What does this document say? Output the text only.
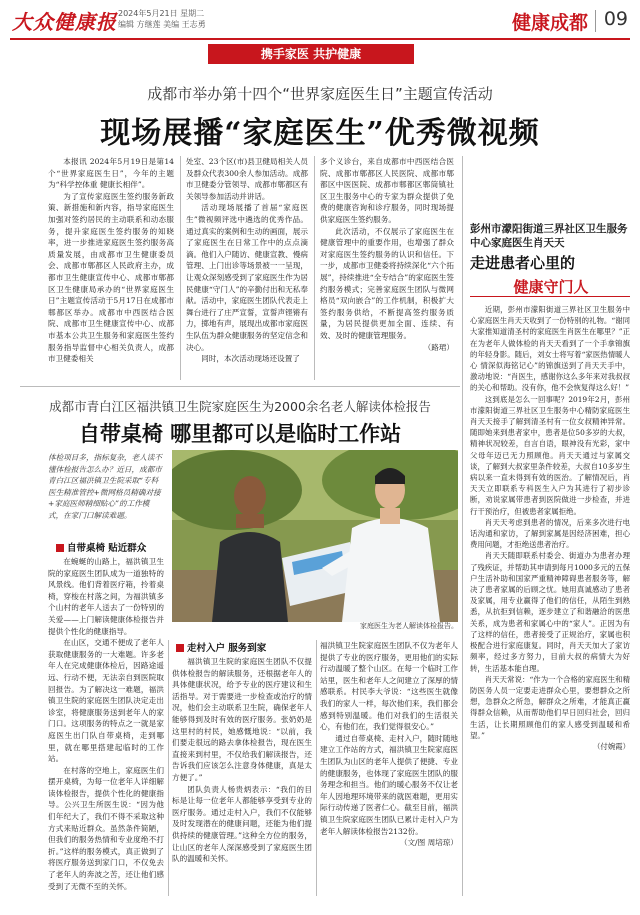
大众健康报 2024年5月21日 星期二
编辑 方继莲 美编 王志勇	健康成都 09
携手家医 共护健康
成都市举办第十四个“世界家庭医生日”主题宣传活动
现场展播“家庭医生”优秀微视频

本报讯 2024年5月19日是第14个“世界家庭医生日”，今年的主题为“科学控体重 健康长相伴”。

为了宣传家庭医生签约服务新政策、新措施和新内容，指导家庭医生加强对签约居民的主动联系和动态服务，提升家庭医生签约服务的知晓率，进一步推进家庭医生签约服务高质量发展，由成都市卫生健康委员会、成都市郫都区人民政府主办，成都市卫生健康宣传中心、成都市郫都区卫生健康局承办的“世界家庭医生日”主题宣传活动于5月17日在成都市郫都区举办。成都市中西医结合医院、成都市卫生健康宣传中心、成都市基本公共卫生服务和家庭医生签约服务指导监督中心相关负责人，成都市卫健委相关

处室、23个区(市)县卫健局相关人员及群众代表300余人参加活动。成都市卫健委分管领导、成都市郫都区有关领导参加活动并讲话。

活动现场展播了首届“家庭医生”微视频评选中遴选的优秀作品。通过真实的案例和生动的画面，展示了家庭医生在日常工作中的点点滴滴。他们入户随访、健康宣教、慢病管理、上门出诊等场景被一一呈现，让观众深刻感受到了家庭医生作为居民健康“守门人”的辛勤付出和无私奉献。活动中，家庭医生团队代表走上舞台进行了庄严宣誓，宣誓声铿锵有力，掷地有声，展现出成都市家庭医生队伍为群众健康服务的坚定信念和决心。

同时，本次活动现场还设置了

多个义诊台，来自成都市中西医结合医院、成都市郫都区人民医院、成都市郫都区中医医院、成都市郫都区郫筒镇社区卫生服务中心的专家为群众提供了免费的健康咨询和诊疗服务，同时现场提供家庭医生签约服务。

此次活动，不仅展示了家庭医生在健康管理中的重要作用，也增强了群众对家庭医生签约服务的认识和信任。下一步，成都市卫健委将持续深化“六个拓展”，持续推进“全专结合”的家庭医生签约服务模式；完善家庭医生团队与微网格员“双向嵌合”的工作机制，积极扩大签约服务供给，不断提高签约服务质量，为居民提供更加全面、连续、有效、及时的健康管理服务。

（路珺）
彭州市濛阳街道三界社区卫生服务中心家庭医生肖天天
走进患者心里的
健康守门人

近期，彭州市濛阳街道三界社区卫生服务中心家庭医生肖天天收到了一份特别的礼物。“谢同大家推知道清圣村的家庭医生肖医生在哪里？”正在为老年人做体检的肖天天看到了一个手拿锦旗的年轻身影。随后，刘女士将写着“家医热情暖人心 情深似海铭记心”的锦旗送到了肖天天手中，激动地说：“肖医生，感谢你这么多年来对我叔叔的关心和帮助。没有你，他不会恢复得这么好！”

这到底是怎么一回事呢？2019年2月，彭州市濛阳街道三界社区卫生服务中心精防家庭医生肖天天接手了解到清圣村有一位女叔精神异常。随即她来到患者家中，患者是位50多岁的大叔，精神状况较差，自言自语，眼神没有光彩，家中父母年迈已无力照顾他。肖天天通过与家属交谈，了解到大叔家里条件较差，大叔自10多岁生病以来一直未得到有效的医治。了解情况后，肖天天立即联系专科医生入户为其进行了初步诊断，劝说家属带患者到医院做进一步检查，并进行干预治疗，但被患者家属拒绝。

肖天天考虑到患者的情况，后来多次进行电话沟通和家访，了解到家属是因经济困难，担心费用问题，才拒绝送患者治疗。

肖天天随即联系村委会、街道办为患者办理了残疾证，并帮助其申请到每月1000多元的五保户生活补助和国家严重精神障碍患者服务等，解决了患者家属的后顾之忧。她用真诚感动了患者及家属，用专业赢得了他们的信任，从陌生到熟悉，从抗拒到信赖，逐步建立了和谐融洽的医患关系，成为患者和家属心中的“家人”。正因为有了这样的信任，患者接受了正规治疗，家属也积极配合进行家庭康复。同时，肖天天加大了家访频率，经过多方努力，目前大叔的病情大为好转，生活基本能自理。

肖天天常说：“作为一个合格的家庭医生和精防医务人员一定要走进群众心里，要想群众之所想，急群众之所急，解群众之所难，才能真正赢得群众信赖，从而帮助他们早日回归社会，回归生活，让长期照顾他们的家人感受到温暖和希望。”

（付婉霞）
成都市青白江区福洪镇卫生院家庭医生为2000余名老人解读体检报告
自带桌椅 哪里都可以是临时工作站
体检项目多，指标复杂，老人读不懂体检报告怎么办？近日，成都市青白江区福洪镇卫生院采取“专科医生精准管控+微网格员精确对接+家庭医师精细贴心”的工作模式，在家门口解读难题。
家庭医生为老人解读体检报告。
自带桌椅 贴近群众

在蜿蜒的山路上，福洪镇卫生院的家庭医生团队成为一道独特的风景线。他们背着医疗箱，拎着桌椅，穿梭在村落之间，为福洪镇多个山村的老年人送去了一份特别的关爱——上门解读健康体检报告并提供个性化的健康指导。

在山区，交通不便成了老年人获取健康服务的一大难题。许多老年人在完成健康体检后，因路途遥远、行动不便，无法亲自到医院取回报告。为了解决这一难题，福洪镇卫生院的家庭医生团队决定走出诊室，将健康服务送到老年人的家门口。这项服务的特点之一就是家庭医生出门队自带桌椅，走到哪里，就在哪里搭建起临时的工作站。

在村落的空地上，家庭医生们摆开桌椅，为每一位老年人详细解读体检报告，提供个性化的健康指导。公兴卫生所医生说：“因为他们年纪大了，我们不得不采取这种方式来贴近群众。虽然条件简陋，但我们的服务热情和专业度绝不打折。”这样的服务模式，真正做到了将医疗服务送到家门口，不仅免去了老年人的奔波之苦，还让他们感受到了无微不至的关怀。

走村入户 服务到家

福洪镇卫生院的家庭医生团队不仅提供体检报告的解读服务，还根据老年人的具体健康状况，给予专业的医疗建议和生活指导。对于需要进一步检查或治疗的情况，他们会主动联系卫生院，确保老年人能够得到及时有效的医疗服务。张奶奶是这里村的村民，她感慨地说：“以前，我们要走很远的路去拿体检报告，现在医生直接来到村里，不仅给我们解读报告，还告诉我们应该怎么注意身体健康，真是太方便了。”

团队负责人杨贵炳表示：“我们的目标是让每一位老年人都能够享受到专业的医疗服务。通过走村入户，我们不仅能够及时发现潜在的健康问题，还能为他们提供持续的健康管理。”这种全方位的服务，让山区的老年人深深感受到了家庭医生团队的温暖和关怀。

福洪镇卫生院家庭医生团队不仅为老年人提供了专业的医疗服务，更用他们的实际行动温暖了整个山区。在每一个临时工作站里，医生和老年人之间建立了深厚的情感联系。村民李大爷说：“这些医生就像我们的家人一样，每次他们来，我们都会感到特别温暖。他们对我们的生活很关心，有他们在，我们觉得很安心。”

通过自带桌椅、走村入户，随时随地建立工作站的方式，福洪镇卫生院家庭医生团队为山区的老年人提供了便捷、专业的健康服务，也体现了家庭医生团队的服务理念和担当。他们的暖心服务不仅让老年人因地理环境带来的就医难题，更用实际行动传递了医者仁心。截至目前，福洪镇卫生院家庭医生团队已累计走村入户为老年人解读体检报告2132份。

（文/图 周培琼）
